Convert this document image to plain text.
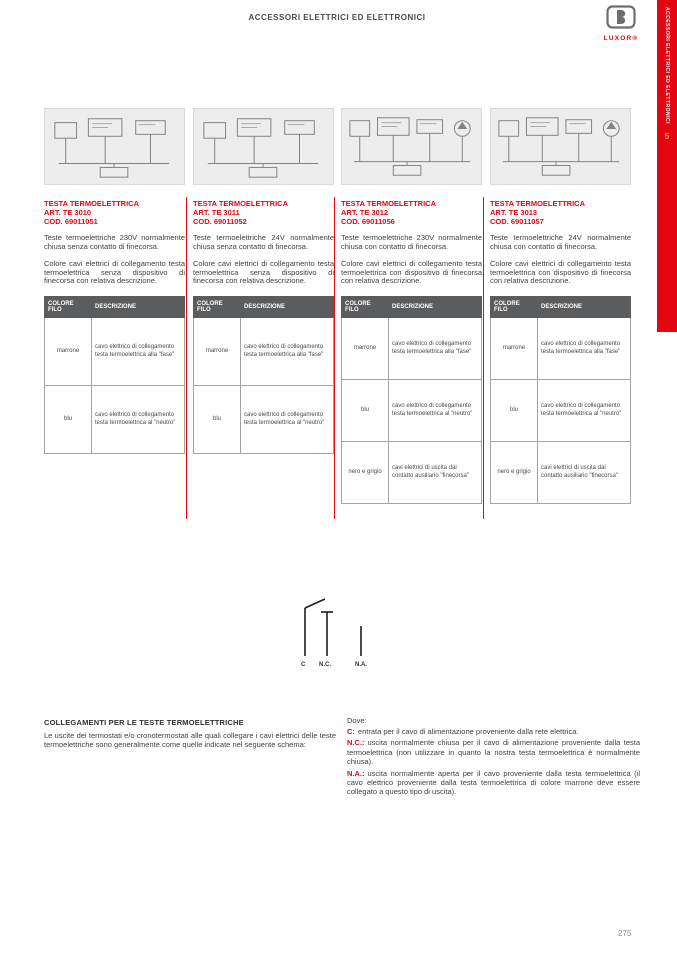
ACCESSORI ELETTRICI ED ELETTRONICI
LUXOR®	ACCESSORI ELETTRICI ED ELETTRONICI
5
TESTA TERMOELETTRICA
ART. TE 3010
COD. 69011051

Teste termoelettriche 230V normalmente chiusa senza contatto di finecorsa.

Colore cavi elettrici di collegamento testa termoelettrica senza dispositivo di finecorsa con relativa descrizione.

COLORE FILO	DESCRIZIONE
marrone	cavo elettrico di collegamento testa termoelettrica alla "fase"
blu	cavo elettrico di collegamento testa termoelettrica al "neutro"
TESTA TERMOELETTRICA
ART. TE 3011
COD. 69011052

Teste termoelettriche 24V normalmente chiusa senza contatto di finecorsa.

Colore cavi elettrici di collegamento testa termoelettrica senza dispositivo di finecorsa con relativa descrizione.

COLORE FILO	DESCRIZIONE
marrone	cavo elettrico di collegamento testa termoelettrica alla "fase"
blu	cavo elettrico di collegamento testa termoelettrica al "neutro"
TESTA TERMOELETTRICA
ART. TE 3012
COD. 69011056

Teste termoelettriche 230V normalmente chiusa con contatto di finecorsa.

Colore cavi elettrici di collegamento testa termoelettrica con dispositivo di finecorsa con relativa descrizione.

COLORE FILO	DESCRIZIONE
marrone	cavo elettrico di collegamento testa termoelettrica alla "fase"
blu	cavo elettrico di collegamento testa termoelettrica al "neutro"
nero e grigio	cavi elettrici di uscita dal contatto ausiliario "finecorsa"
TESTA TERMOELETTRICA
ART. TE 3013
COD. 69011057

Teste termoelettriche 24V normalmente chiusa con contatto di finecorsa.

Colore cavi elettrici di collegamento testa termoelettrica con dispositivo di finecorsa con relativa descrizione.

COLORE FILO	DESCRIZIONE
marrone	cavo elettrico di collegamento testa termoelettrica alla "fase"
blu	cavo elettrico di collegamento testa termoelettrica al "neutro"
nero e grigio	cavi elettrici di uscita dal contatto ausiliario "finecorsa"
C N.C.	N.A.
COLLEGAMENTI PER LE TESTE TERMOELETTRICHE

Le uscite dei termostati e/o cronotermostati alle quali collegare i cavi elettrici delle teste termoelettriche sono generalmente come quelle indicate nel seguente schema:

Dove:

C: entrata per il cavo di alimentazione proveniente dalla rete elettrica.

N.C.: uscita normalmente chiusa per il cavo di alimentazione proveniente dalla testa termoelettrica (non utilizzare in quanto la nostra testa termoelettrica è normalmente chiusa).

N.A.: uscita normalmente aperta per il cavo proveniente dalla testa termoelettrica (il cavo elettrico proveniente dalla testa termoelettrica di colore marrone deve essere collegato a questo tipo di uscita).

275
